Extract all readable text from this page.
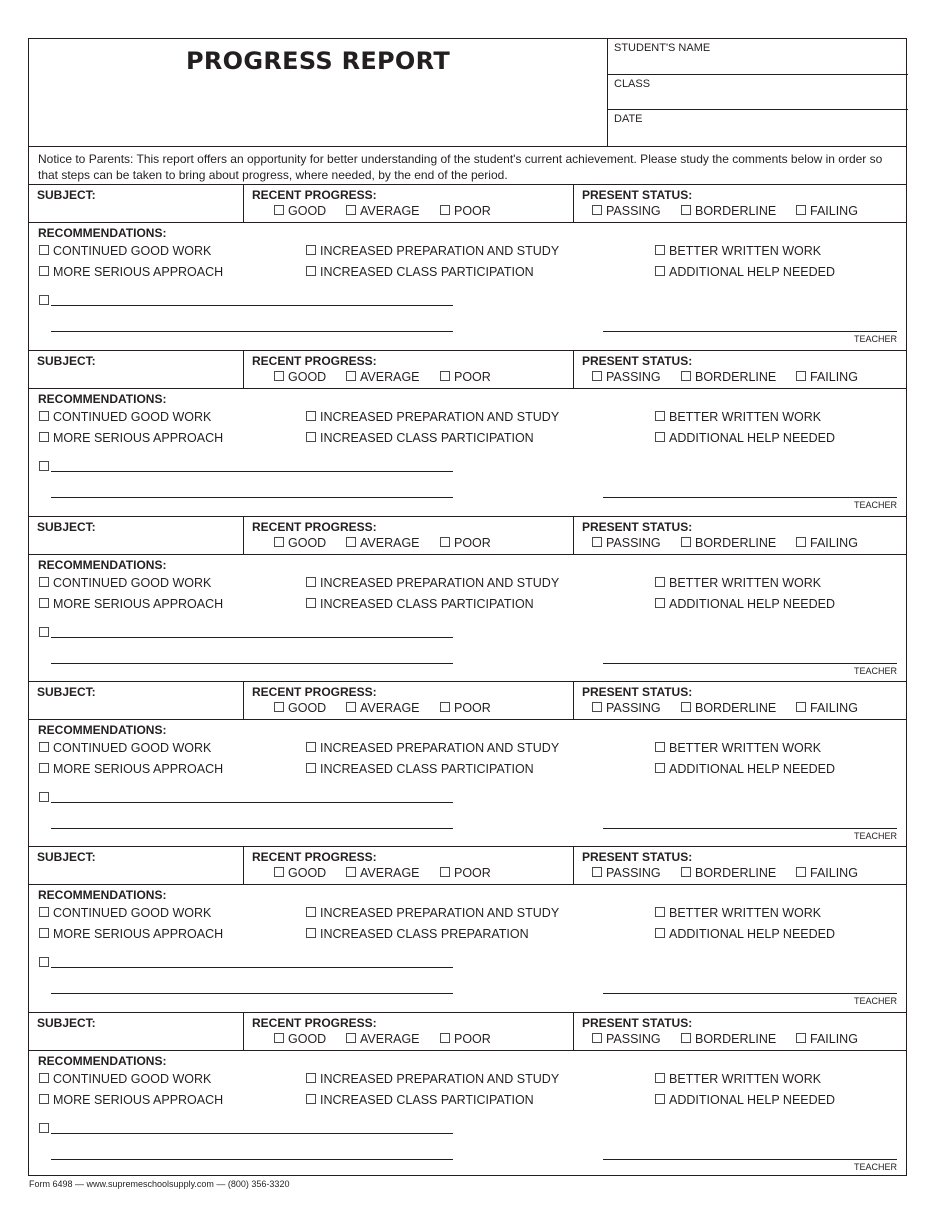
PROGRESS REPORT	STUDENT'S NAME
CLASS
DATE
Notice to Parents: This report offers an opportunity for better understanding of the student's current achievement. Please study the comments below in order so that steps can be taken to bring about progress, where needed, by the end of the period.
SUBJECT:	RECENT PROGRESS:
GOOD	AVERAGE	POOR
PRESENT STATUS:
PASSING	BORDERLINE	FAILING
RECOMMENDATIONS:
CONTINUED GOOD WORK	INCREASED PREPARATION AND STUDY	BETTER WRITTEN WORK
MORE SERIOUS APPROACH	INCREASED CLASS PARTICIPATION	ADDITIONAL HELP NEEDED
TEACHER
SUBJECT:	RECENT PROGRESS:
GOOD	AVERAGE	POOR
PRESENT STATUS:
PASSING	BORDERLINE	FAILING
RECOMMENDATIONS:
CONTINUED GOOD WORK	INCREASED PREPARATION AND STUDY	BETTER WRITTEN WORK
MORE SERIOUS APPROACH	INCREASED CLASS PARTICIPATION	ADDITIONAL HELP NEEDED
TEACHER
SUBJECT:	RECENT PROGRESS:
GOOD	AVERAGE	POOR
PRESENT STATUS:
PASSING	BORDERLINE	FAILING
RECOMMENDATIONS:
CONTINUED GOOD WORK	INCREASED PREPARATION AND STUDY	BETTER WRITTEN WORK
MORE SERIOUS APPROACH	INCREASED CLASS PARTICIPATION	ADDITIONAL HELP NEEDED
TEACHER
SUBJECT:	RECENT PROGRESS:
GOOD	AVERAGE	POOR
PRESENT STATUS:
PASSING	BORDERLINE	FAILING
RECOMMENDATIONS:
CONTINUED GOOD WORK	INCREASED PREPARATION AND STUDY	BETTER WRITTEN WORK
MORE SERIOUS APPROACH	INCREASED CLASS PARTICIPATION	ADDITIONAL HELP NEEDED
TEACHER
SUBJECT:	RECENT PROGRESS:
GOOD	AVERAGE	POOR
PRESENT STATUS:
PASSING	BORDERLINE	FAILING
RECOMMENDATIONS:
CONTINUED GOOD WORK	INCREASED PREPARATION AND STUDY	BETTER WRITTEN WORK
MORE SERIOUS APPROACH	INCREASED CLASS PREPARATION	ADDITIONAL HELP NEEDED
TEACHER
SUBJECT:	RECENT PROGRESS:
GOOD	AVERAGE	POOR
PRESENT STATUS:
PASSING	BORDERLINE	FAILING
RECOMMENDATIONS:
CONTINUED GOOD WORK	INCREASED PREPARATION AND STUDY	BETTER WRITTEN WORK
MORE SERIOUS APPROACH	INCREASED CLASS PARTICIPATION	ADDITIONAL HELP NEEDED
TEACHER
Form 6498 — www.supremeschoolsupply.com — (800) 356-3320
